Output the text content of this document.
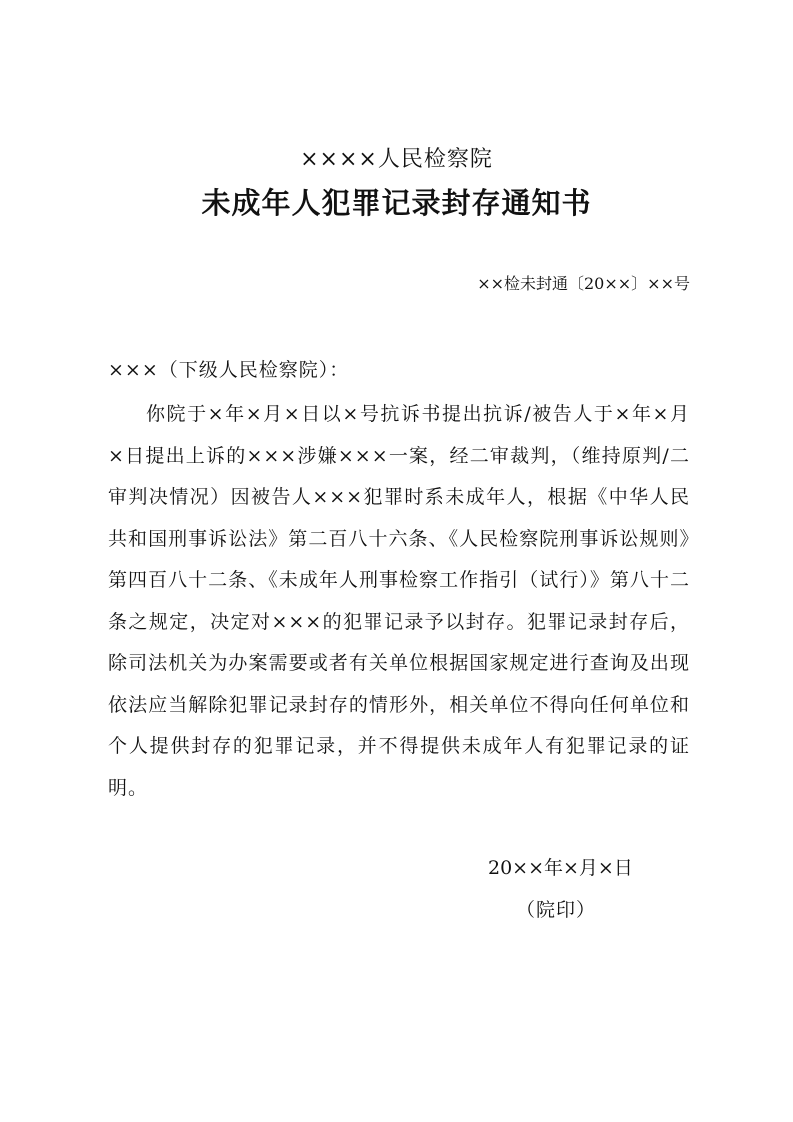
××××人民检察院
未成年人犯罪记录封存通知书
××检未封通〔20××〕××号
×××（下级人民检察院）：

你院于×年×月×日以×号抗诉书提出抗诉/被告人于×年×月×日提出上诉的×××涉嫌×××一案，经二审裁判，（维持原判/二审判决情况）因被告人×××犯罪时系未成年人，根据《中华人民共和国刑事诉讼法》第二百八十六条、《人民检察院刑事诉讼规则》第四百八十二条、《未成年人刑事检察工作指引（试行）》第八十二条之规定，决定对×××的犯罪记录予以封存。犯罪记录封存后，除司法机关为办案需要或者有关单位根据国家规定进行查询及出现依法应当解除犯罪记录封存的情形外，相关单位不得向任何单位和个人提供封存的犯罪记录，并不得提供未成年人有犯罪记录的证明。

20××年×月×日
（院印）
